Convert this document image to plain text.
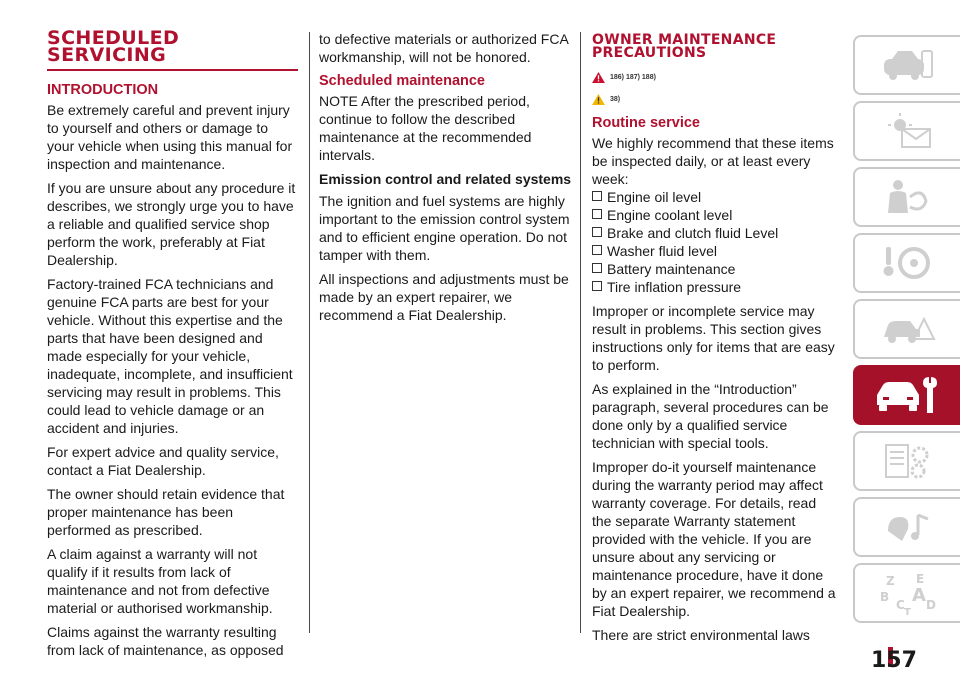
SCHEDULED
SERVICING
INTRODUCTION

Be extremely careful and prevent injury to yourself and others or damage to your vehicle when using this manual for inspection and maintenance.

If you are unsure about any procedure it describes, we strongly urge you to have a reliable and qualified service shop perform the work, preferably at Fiat Dealership.

Factory-trained FCA technicians and genuine FCA parts are best for your vehicle. Without this expertise and the parts that have been designed and made especially for your vehicle, inadequate, incomplete, and insufficient servicing may result in problems. This could lead to vehicle damage or an accident and injuries.

For expert advice and quality service, contact a Fiat Dealership.

The owner should retain evidence that proper maintenance has been performed as prescribed.

A claim against a warranty will not qualify if it results from lack of maintenance and not from defective material or authorised workmanship.

Claims against the warranty resulting from lack of maintenance, as opposed

to defective materials or authorized FCA workmanship, will not be honored.

Scheduled maintenance

NOTE After the prescribed period, continue to follow the described maintenance at the recommended intervals.

Emission control and related systems

The ignition and fuel systems are highly important to the emission control system and to efficient engine operation. Do not tamper with them.

All inspections and adjustments must be made by an expert repairer, we recommend a Fiat Dealership.

OWNER MAINTENANCE
PRECAUTIONS
186) 187) 188)
38)
Routine service

We highly recommend that these items be inspected daily, or at least every week:

Engine oil level
Engine coolant level
Brake and clutch fluid Level
Washer fluid level
Battery maintenance
Tire inflation pressure

Improper or incomplete service may result in problems. This section gives instructions only for items that are easy to perform.

As explained in the “Introduction” paragraph, several procedures can be done only by a qualified service technician with special tools.

Improper do-it yourself maintenance during the warranty period may affect warranty coverage. For details, read the separate Warranty statement provided with the vehicle. If you are unsure about any servicing or maintenance procedure, have it done by an expert repairer, we recommend a Fiat Dealership.

There are strict environmental laws

Z E
B A
C D
T
157
